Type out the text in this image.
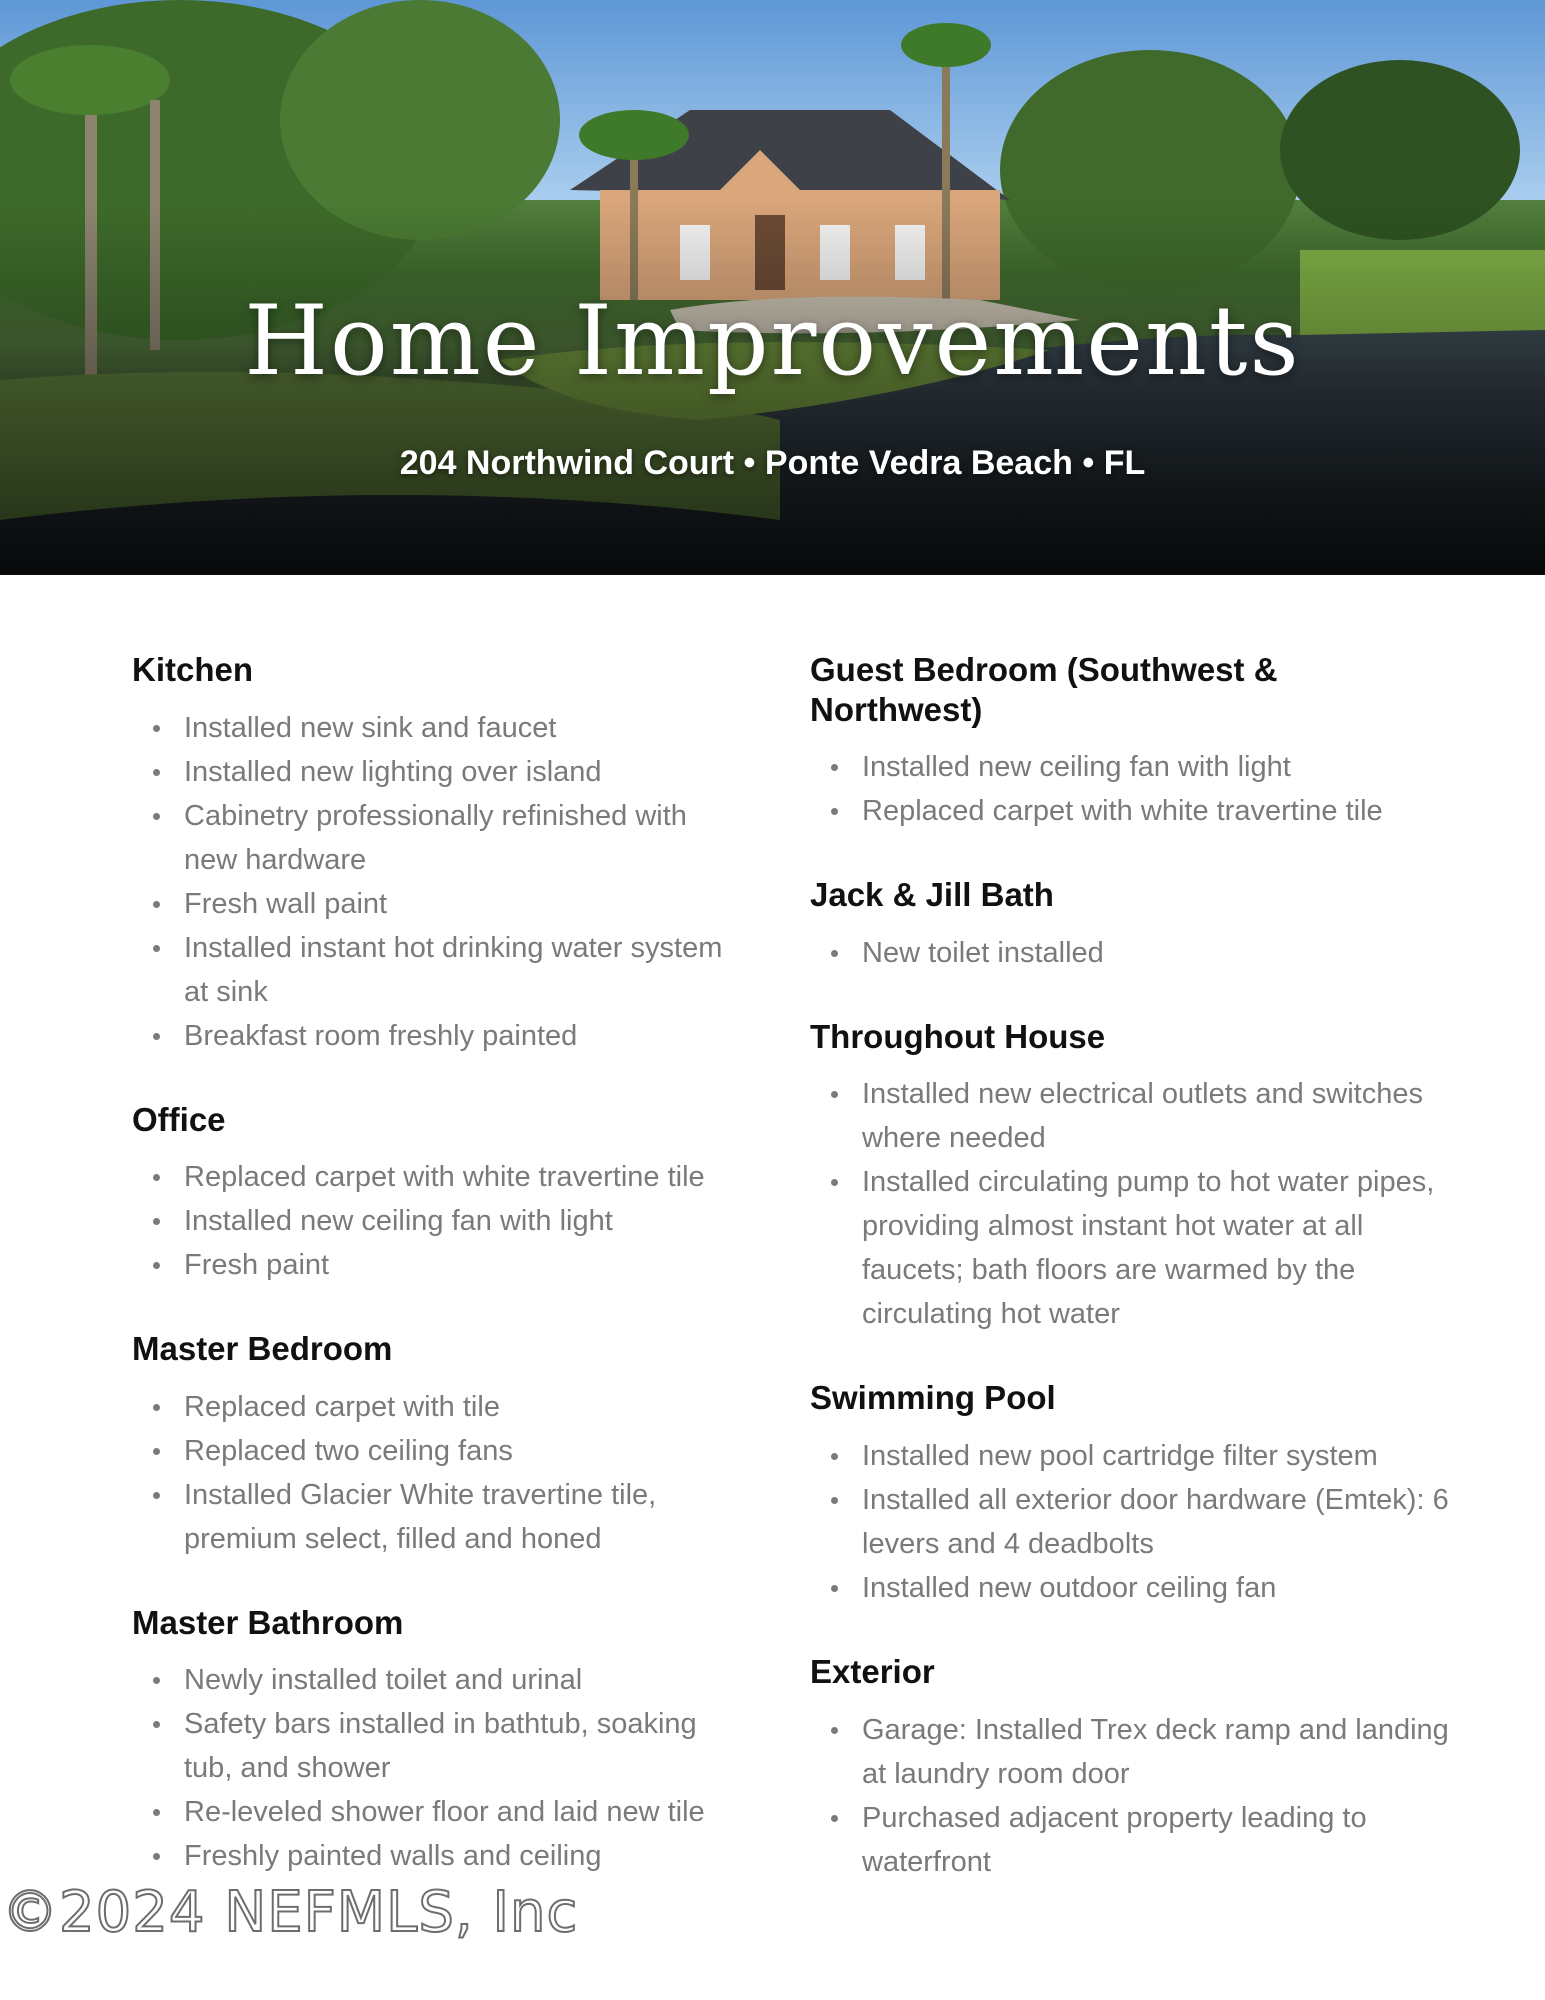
Home Improvements
204 Northwind Court • Ponte Vedra Beach • FL
Kitchen
Installed new sink and faucet
Installed new lighting over island
Cabinetry professionally refinished with new hardware
Fresh wall paint
Installed instant hot drinking water system at sink
Breakfast room freshly painted
Office
Replaced carpet with white travertine tile
Installed new ceiling fan with light
Fresh paint
Master Bedroom
Replaced carpet with tile
Replaced two ceiling fans
Installed Glacier White travertine tile, premium select, filled and honed
Master Bathroom
Newly installed toilet and urinal
Safety bars installed in bathtub, soaking tub, and shower
Re-leveled shower floor and laid new tile
Freshly painted walls and ceiling
Guest Bedroom (Southwest & Northwest)
Installed new ceiling fan with light
Replaced carpet with white travertine tile
Jack & Jill Bath
New toilet installed
Throughout House
Installed new electrical outlets and switches where needed
Installed circulating pump to hot water pipes, providing almost instant hot water at all faucets; bath floors are warmed by the circulating hot water
Swimming Pool
Installed new pool cartridge filter system
Installed all exterior door hardware (Emtek): 6 levers and 4 deadbolts
Installed new outdoor ceiling fan
Exterior
Garage: Installed Trex deck ramp and landing at laundry room door
Purchased adjacent property leading to waterfront
©2024 NEFMLS, Inc
